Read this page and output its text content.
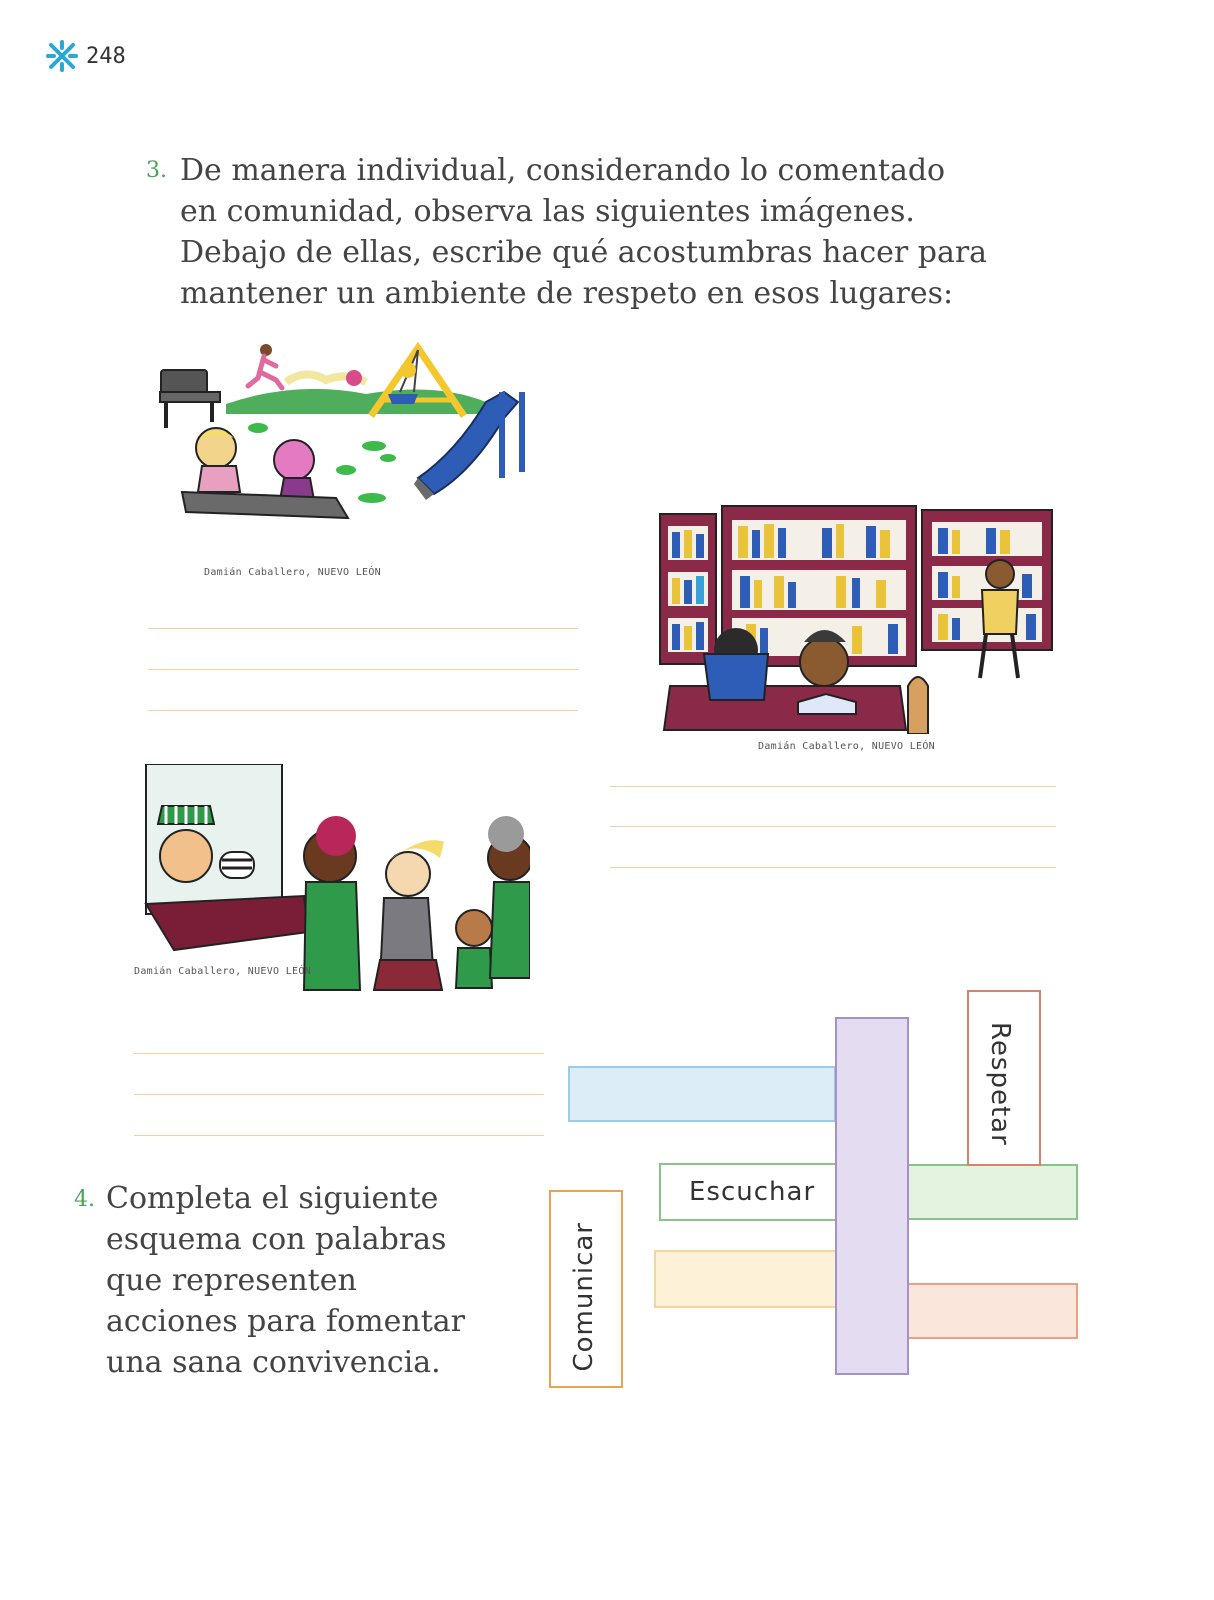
248
3. De manera individual, considerando lo comentado
en comunidad, observa las siguientes imágenes.
Debajo de ellas, escribe qué acostumbras hacer para
mantener un ambiente de respeto en esos lugares:
Damián Caballero, NUEVO LEÓN
Damián Caballero, NUEVO LEÓN
Damián Caballero, NUEVO LEÓN
4. Completa el siguiente
esquema con palabras
que representen
acciones para fomentar
una sana convivencia.
Escuchar
Respetar
Comunicar
